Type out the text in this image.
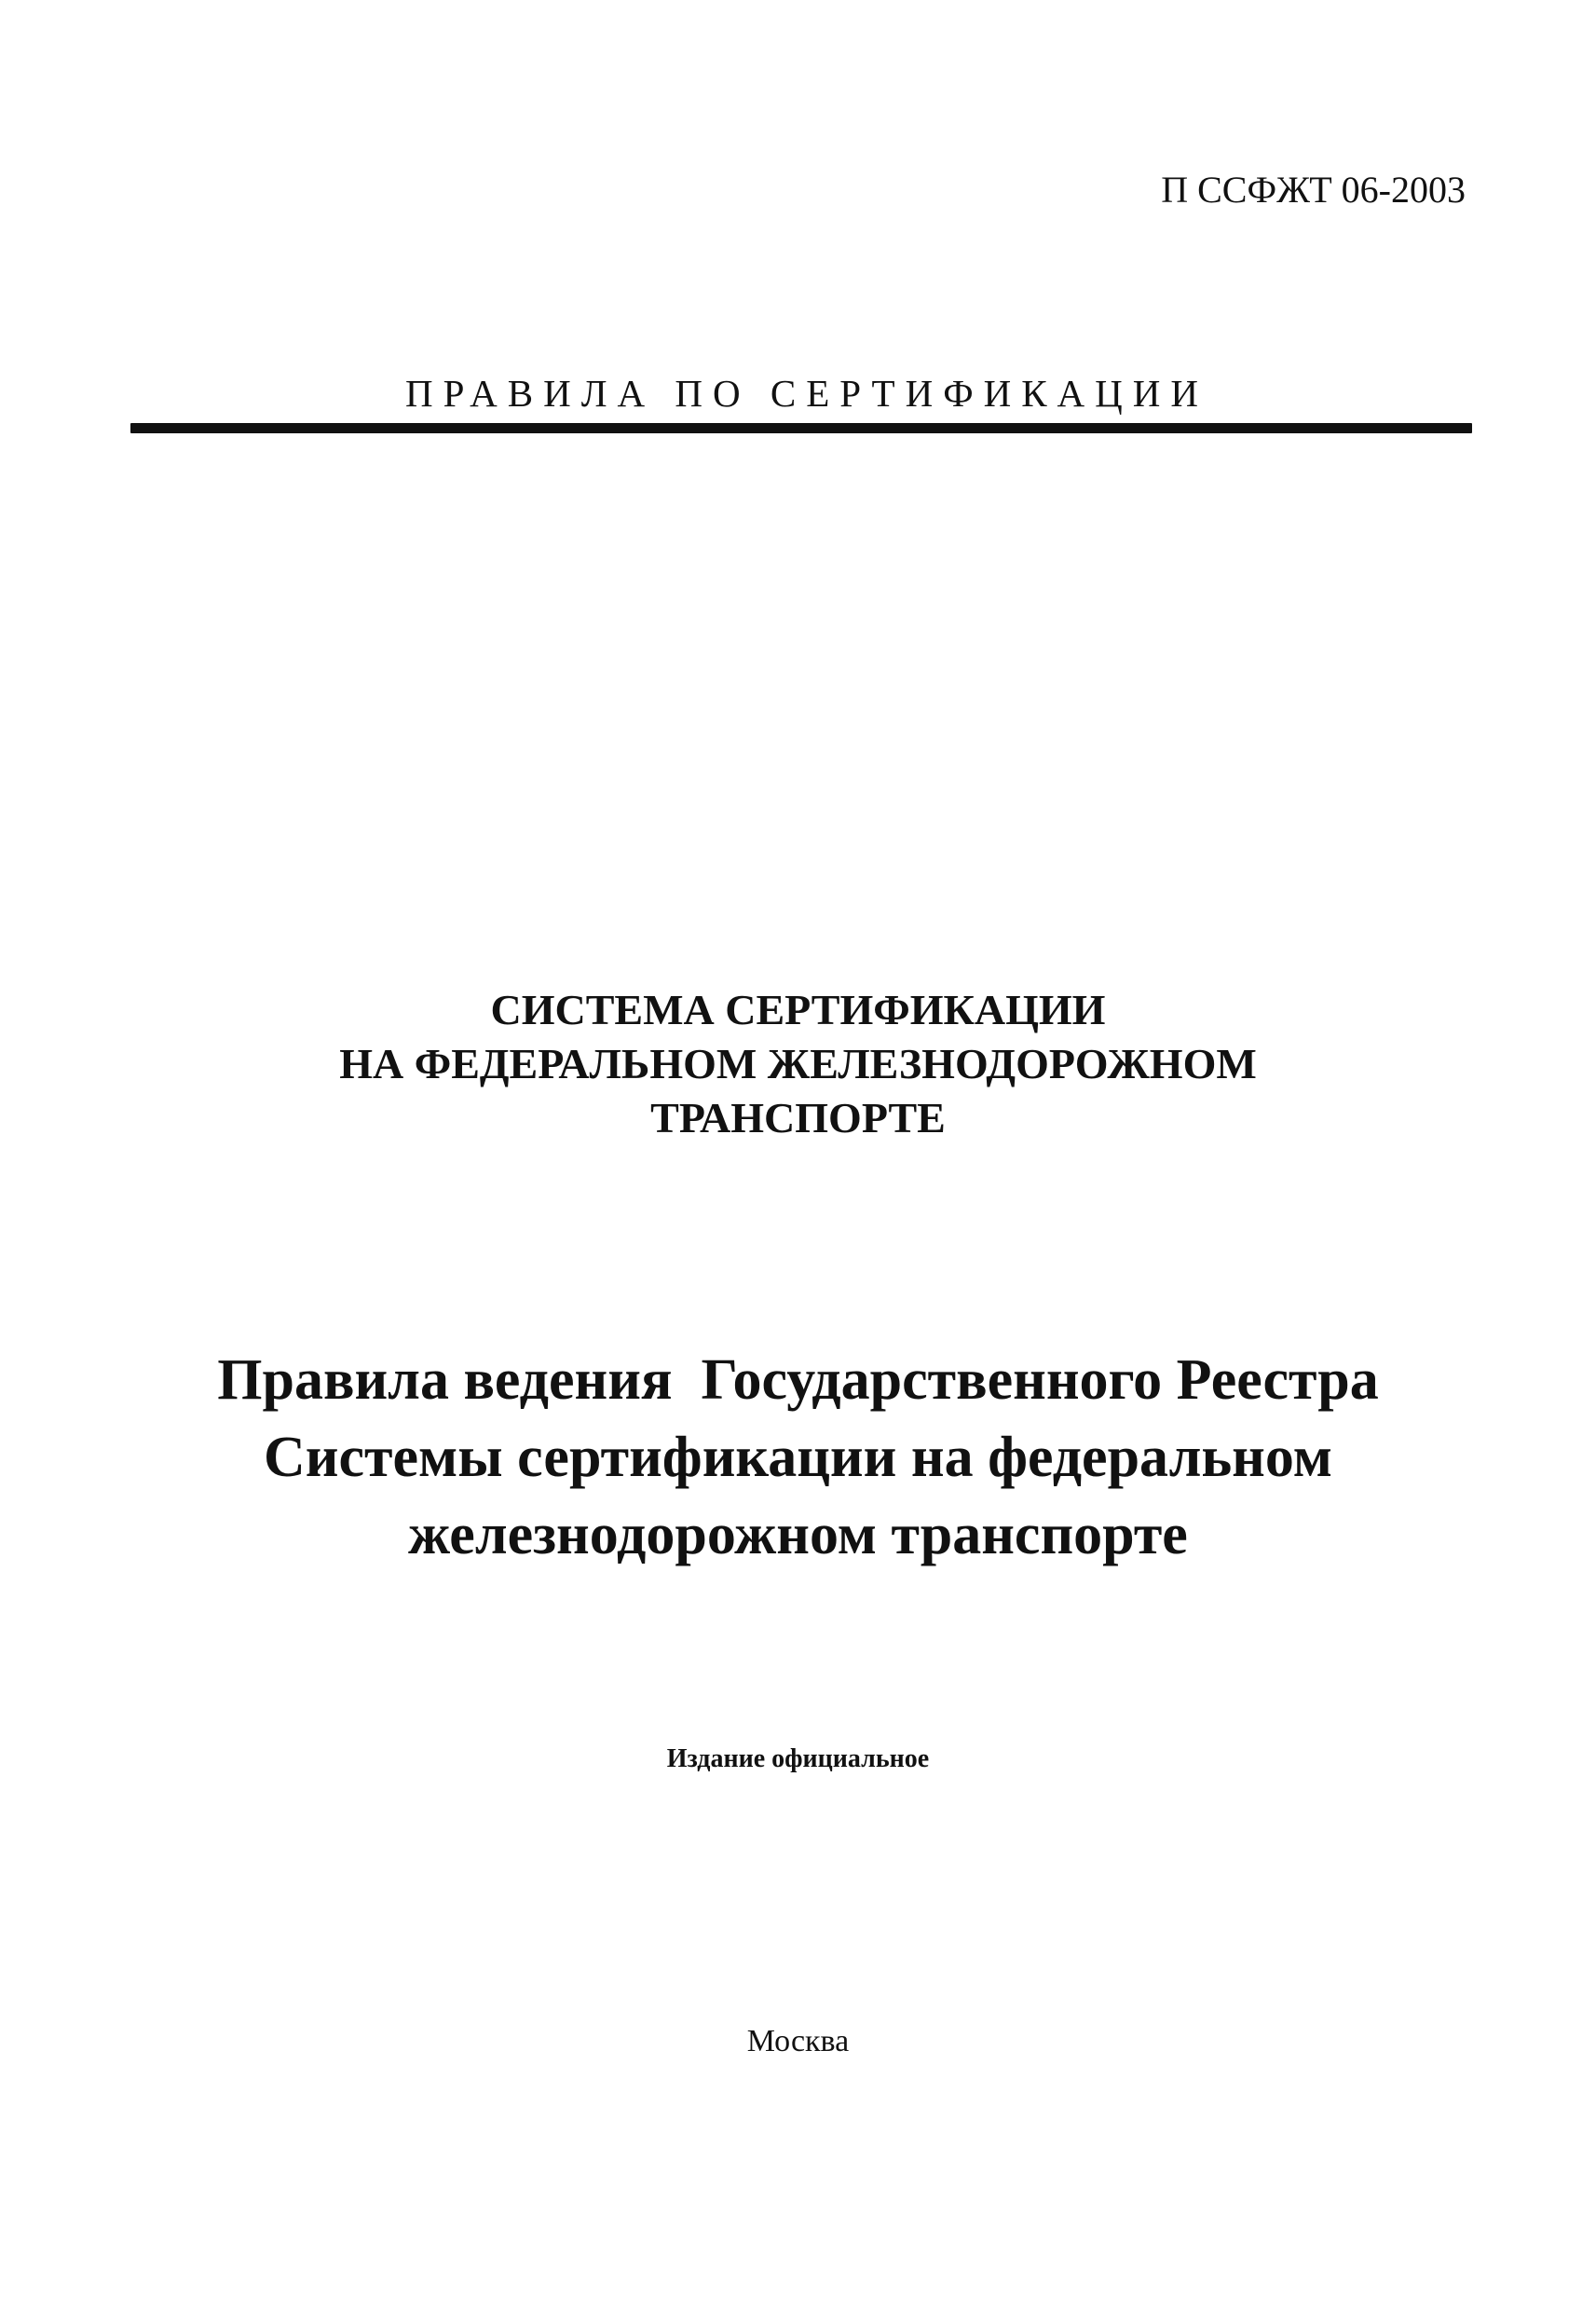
П ССФЖТ 06-2003
ПРАВИЛА ПО СЕРТИФИКАЦИИ
СИСТЕМА СЕРТИФИКАЦИИ
НА ФЕДЕРАЛЬНОМ ЖЕЛЕЗНОДОРОЖНОМ
ТРАНСПОРТЕ
Правила ведения  Государственного Реестра
Системы сертификации на федеральном
железнодорожном транспорте
Издание официальное
Москва
